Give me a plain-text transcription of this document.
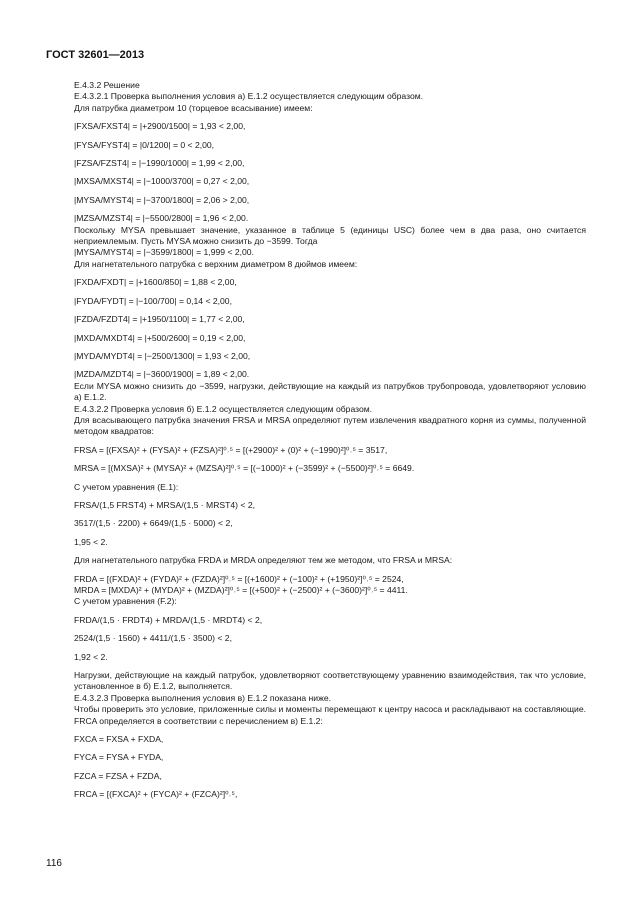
ГОСТ 32601—2013
E.4.3.2 Решение
E.4.3.2.1 Проверка выполнения условия а) E.1.2 осуществляется следующим образом.
Для патрубка диаметром 10 (торцевое всасывание) имеем:
|FXSA/FXST4| = |+2900/1500| = 1,93 < 2,00,
|FYSA/FYST4| = |0/1200| = 0 < 2,00,
|FZSA/FZST4| = |−1990/1000| = 1,99 < 2,00,
|MXSA/MXST4| = |−1000/3700| = 0,27 < 2,00,
|MYSA/MYST4| = |−3700/1800| = 2,06 > 2,00,
|MZSA/MZST4| = |−5500/2800| = 1,96 < 2,00.
Поскольку MYSA превышает значение, указанное в таблице 5 (единицы USC) более чем в два раза, оно считается неприемлемым. Пусть MYSA можно снизить до −3599. Тогда
|MYSA/MYST4| = |−3599/1800| = 1,999 < 2,00.
Для нагнетательного патрубка с верхним диаметром 8 дюймов имеем:
|FXDA/FXDT| = |+1600/850| = 1,88 < 2,00,
|FYDA/FYDT| = |−100/700| = 0,14 < 2,00,
|FZDA/FZDT4| = |+1950/1100| = 1,77 < 2,00,
|MXDA/MXDT4| = |+500/2600| = 0,19 < 2,00,
|MYDA/MYDT4| = |−2500/1300| = 1,93 < 2,00,
|MZDA/MZDT4| = |−3600/1900| = 1,89 < 2,00.
Если MYSA можно снизить до −3599, нагрузки, действующие на каждый из патрубков трубопровода, удовлетворяют условию а) E.1.2.
E.4.3.2.2 Проверка условия б) E.1.2 осуществляется следующим образом.
Для всасывающего патрубка значения FRSA и MRSA определяют путем извлечения квадратного корня из суммы, полученной методом квадратов:
FRSA = [(FXSA)² + (FYSA)² + (FZSA)²]⁰˒⁵ = [(+2900)² + (0)² + (−1990)²]⁰˒⁵ = 3517,
MRSA = [(MXSA)² + (MYSA)² + (MZSA)²]⁰˒⁵ = [(−1000)² + (−3599)² + (−5500)²]⁰˒⁵ = 6649.
С учетом уравнения (E.1):
FRSA/(1,5 FRST4) + MRSA/(1,5 · MRST4) < 2,
3517/(1,5 · 2200) + 6649/(1,5 · 5000) < 2,
1,95 < 2.
Для нагнетательного патрубка FRDA и MRDA определяют тем же методом, что FRSA и MRSA:
FRDA = [(FXDA)² + (FYDA)² + (FZDA)²]⁰˒⁵ = [(+1600)² + (−100)² + (+1950)²]⁰˒⁵ = 2524,
MRDA = [MXDA)² + (MYDA)² + (MZDA)²]⁰˒⁵ = [(+500)² + (−2500)² + (−3600)²]⁰˒⁵ = 4411.
С учетом уравнения (F.2):
FRDA/(1,5 · FRDT4) + MRDA/(1,5 · MRDT4) < 2,
2524/(1,5 · 1560) + 4411/(1,5 · 3500) < 2,
1,92 < 2.
Нагрузки, действующие на каждый патрубок, удовлетворяют соответствующему уравнению взаимодействия, так что условие, установленное в б) E.1.2, выполняется.
E.4.3.2.3 Проверка выполнения условия в) E.1.2 показана ниже.
Чтобы проверить это условие, приложенные силы и моменты перемещают к центру насоса и раскладывают на составляющие. FRCA определяется в соответствии с перечислением в) E.1.2:
FXCA = FXSA + FXDA,
FYCA = FYSA + FYDA,
FZCA = FZSA + FZDA,
FRCA = [(FXCA)² + (FYCA)² + (FZCA)²]⁰˒⁵,
116
